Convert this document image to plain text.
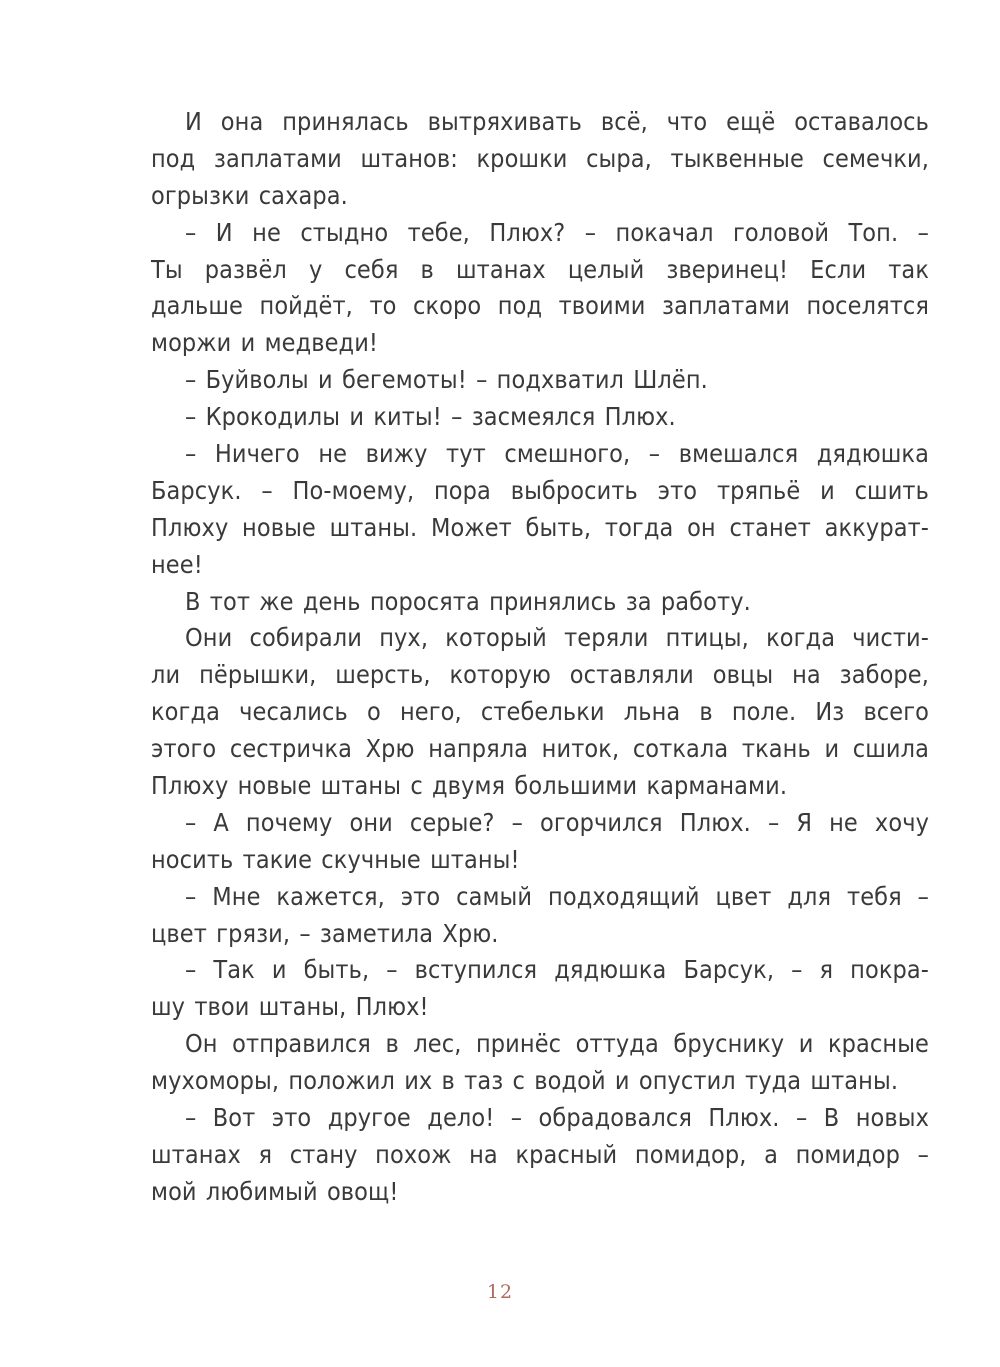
И она принялась вытряхивать всё, что ещё оставалось
под заплатами штанов: крошки сыра, тыквенные семечки,
огрызки сахара.
– И не стыдно тебе, Плюх? – покачал головой Топ. –
Ты развёл у себя в штанах целый зверинец! Если так
дальше пойдёт, то скоро под твоими заплатами поселятся
моржи и медведи!
– Буйволы и бегемоты! – подхватил Шлёп.
– Крокодилы и киты! – засмеялся Плюх.
– Ничего не вижу тут смешного, – вмешался дядюшка
Барсук. – По-моему, пора выбросить это тряпьё и сшить
Плюху новые штаны. Может быть, тогда он станет аккурат-
нее!
В тот же день поросята принялись за работу.
Они собирали пух, который теряли птицы, когда чисти-
ли пёрышки, шерсть, которую оставляли овцы на заборе,
когда чесались о него, стебельки льна в поле. Из всего
этого сестричка Хрю напряла ниток, соткала ткань и сшила
Плюху новые штаны с двумя большими карманами.
– А почему они серые? – огорчился Плюх. – Я не хочу
носить такие скучные штаны!
– Мне кажется, это самый подходящий цвет для тебя –
цвет грязи, – заметила Хрю.
– Так и быть, – вступился дядюшка Барсук, – я покра-
шу твои штаны, Плюх!
Он отправился в лес, принёс оттуда бруснику и красные
мухоморы, положил их в таз с водой и опустил туда штаны.
– Вот это другое дело! – обрадовался Плюх. – В новых
штанах я стану похож на красный помидор, а помидор –
мой любимый овощ!
12
